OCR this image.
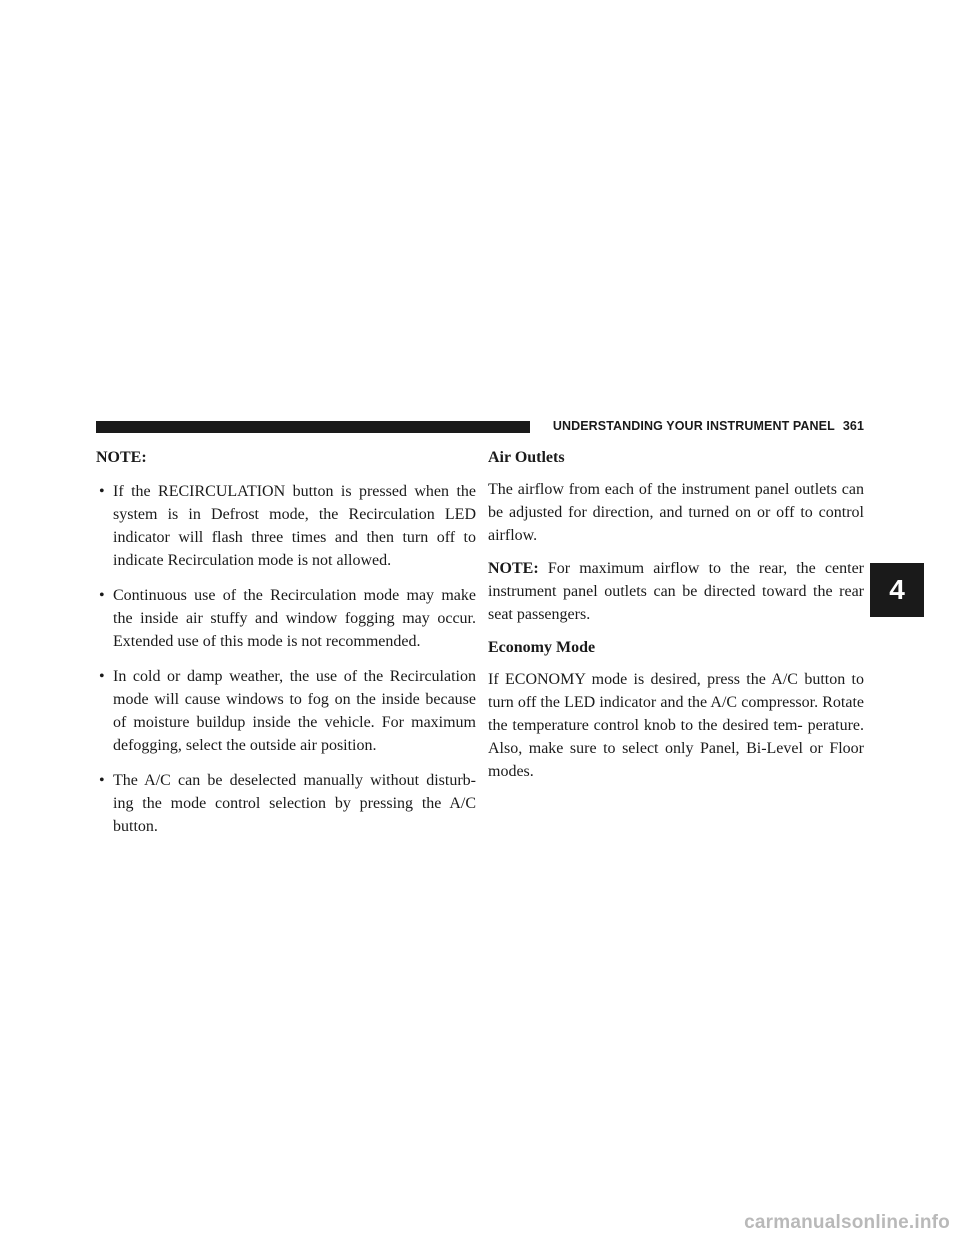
UNDERSTANDING YOUR INSTRUMENT PANEL 361

NOTE:

• If the RECIRCULATION button is pressed when the system is in Defrost mode, the Recirculation LED indicator will flash three times and then turn off to indicate Recirculation mode is not allowed.
• Continuous use of the Recirculation mode may make the inside air stuffy and window fogging may occur. Extended use of this mode is not recommended.
• In cold or damp weather, the use of the Recirculation mode will cause windows to fog on the inside because of moisture buildup inside the vehicle. For maximum defogging, select the outside air position.
• The A/C can be deselected manually without disturb- ing the mode control selection by pressing the A/C button.
Air Outlets

The airflow from each of the instrument panel outlets can be adjusted for direction, and turned on or off to control airflow.

NOTE: For maximum airflow to the rear, the center instrument panel outlets can be directed toward the rear seat passengers.

Economy Mode

If ECONOMY mode is desired, press the A/C button to turn off the LED indicator and the A/C compressor. Rotate the temperature control knob to the desired tem- perature. Also, make sure to select only Panel, Bi-Level or Floor modes.

4
carmanualsonline.info
